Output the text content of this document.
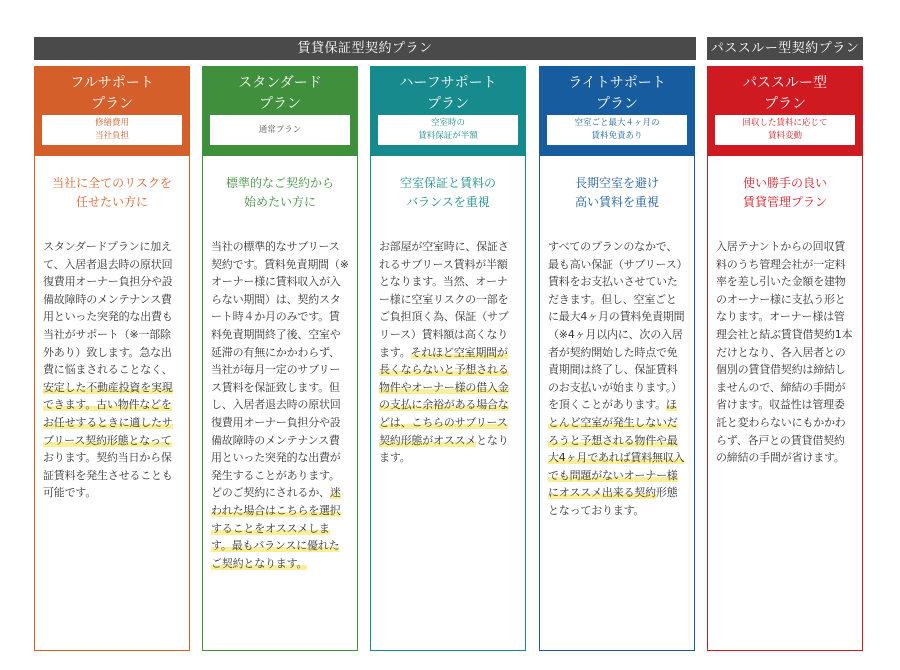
賃貸保証型契約プラン	パススルー型契約プラン
フルサポート
プラン
修繕費用
当社負担
当社に全てのリスクを
任せたい方に
スタンダードプランに加えて、入居者退去時の原状回復費用オーナー負担分や設備故障時のメンテナンス費用といった突発的な出費も当社がサポート（※一部除外あり）致します。急な出費に悩まされることなく、安定した不動産投資を実現できます。古い物件などをお任せするときに適したサブリース契約形態となっております。契約当日から保証賃料を発生させることも可能です。
スタンダード
プラン
通常プラン
標準的なご契約から
始めたい方に
当社の標準的なサブリース契約です。賃料免責期間（※オーナー様に賃料収入が入らない期間）は、契約スタート時４か月のみです。賃料免責期間終了後、空室や延滞の有無にかかわらず、当社が毎月一定のサブリース賃料を保証致します。但し、入居者退去時の原状回復費用オーナー負担分や設備故障時のメンテナンス費用といった突発的な出費が発生することがあります。どのご契約にされるか、迷われた場合はこちらを選択することをオススメします。最もバランスに優れたご契約となります。
ハーフサポート
プラン
空室時の
賃料保証が半額
空室保証と賃料の
バランスを重視
お部屋が空室時に、保証されるサブリース賃料が半額となります。当然、オーナー様に空室リスクの一部をご負担頂く為、保証（サブリース）賃料額は高くなります。それほど空室期間が長くならないと予想される物件やオーナー様の借入金の支払に余裕がある場合などは、こちらのサブリース契約形態がオススメとなります。
ライトサポート
プラン
空室ごと最大４ヶ月の
賃料免責あり
長期空室を避け
高い賃料を重視
すべてのプランのなかで、最も高い保証（サブリース）賃料をお支払いさせていただきます。但し、空室ごとに最大4ヶ月の賃料免責期間（※4ヶ月以内に、次の入居者が契約開始した時点で免責期間は終了し、保証賃料のお支払いが始まります。）を頂くことがあります。ほとんど空室が発生しないだろうと予想される物件や最大4ヶ月であれば賃料無収入でも問題がないオーナー様にオススメ出来る契約形態となっております。
パススルー型
プラン
回収した賃料に応じて
賃料変動
使い勝手の良い
賃貸管理プラン
入居テナントからの回収賃料のうち管理会社が一定料率を差し引いた金額を建物のオーナー様に支払う形となります。オーナー様は管理会社と結ぶ賃貸借契約1本だけとなり、各入居者との個別の賃貸借契約は締結しませんので、締結の手間が省けます。収益性は管理委託と変わらないにもかかわらず、各戸との賃貸借契約の締結の手間が省けます。
